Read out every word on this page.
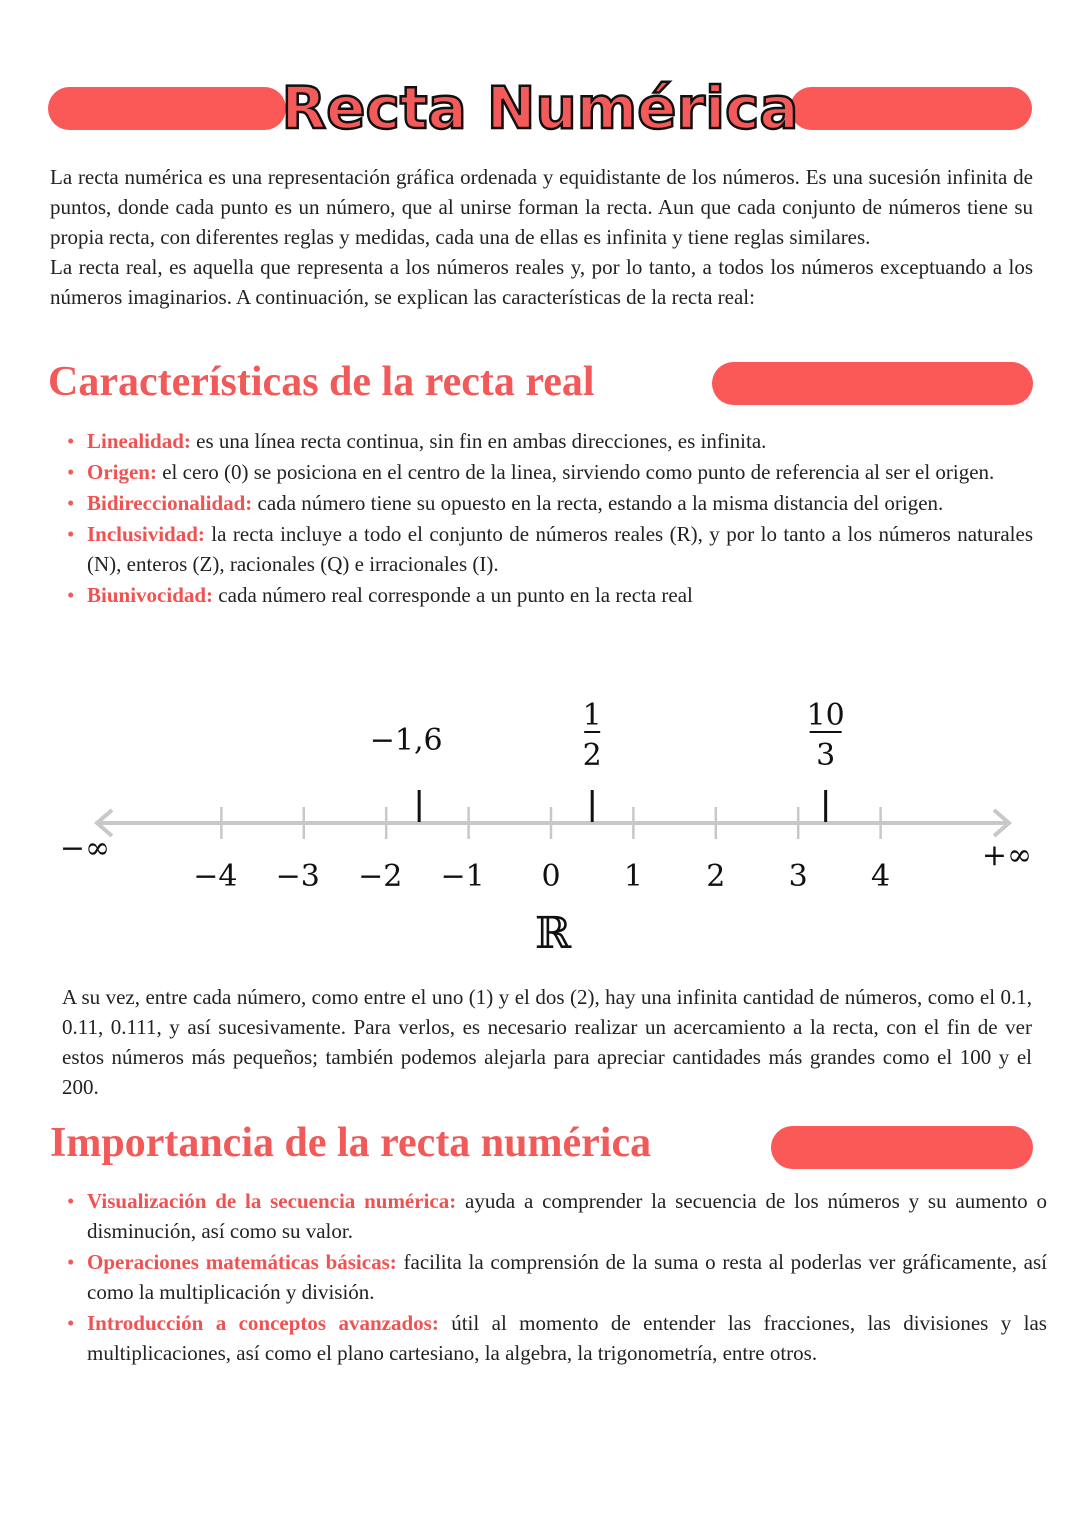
Recta Numérica

La recta numérica es una representación gráfica ordenada y equidistante de los números. Es una sucesión infinita de puntos, donde cada punto es un número, que al unirse forman la recta. Aun que cada conjunto de números tiene su propia recta, con diferentes reglas y medidas, cada una de ellas es infinita y tiene reglas similares.

La recta real, es aquella que representa a los números reales y, por lo tanto, a todos los números exceptuando a los números imaginarios. A continuación, se explican las características de la recta real:

Características de la recta real
• Linealidad: es una línea recta continua, sin fin en ambas direcciones, es infinita.
• Origen: el cero (0) se posiciona en el centro de la linea, sirviendo como punto de referencia al ser el origen.
• Bidireccionalidad: cada número tiene su opuesto en la recta, estando a la misma distancia del origen.
• Inclusividad: la recta incluye a todo el conjunto de números reales (R), y por lo tanto a los números naturales (N), enteros (Z), racionales (Q) e irracionales (I).
• Biunivocidad: cada número real corresponde a un punto en la recta real
−4 −3 −2 −1 0 1 2 3 4
−∞	+∞
ℝ
−1,6
1
2
10
3
A su vez, entre cada número, como entre el uno (1) y el dos (2), hay una infinita cantidad de números, como el 0.1, 0.11, 0.111, y así sucesivamente. Para verlos, es necesario realizar un acercamiento a la recta, con el fin de ver estos números más pequeños; también podemos alejarla para apreciar cantidades más grandes como el 100 y el 200.
Importancia de la recta numérica
• Visualización de la secuencia numérica: ayuda a comprender la secuencia de los números y su aumento o disminución, así como su valor.
• Operaciones matemáticas básicas: facilita la comprensión de la suma o resta al poderlas ver gráficamente, así como la multiplicación y división.
• Introducción a conceptos avanzados: útil al momento de entender las fracciones, las divisiones y las multiplicaciones, así como el plano cartesiano, la algebra, la trigonometría, entre otros.
